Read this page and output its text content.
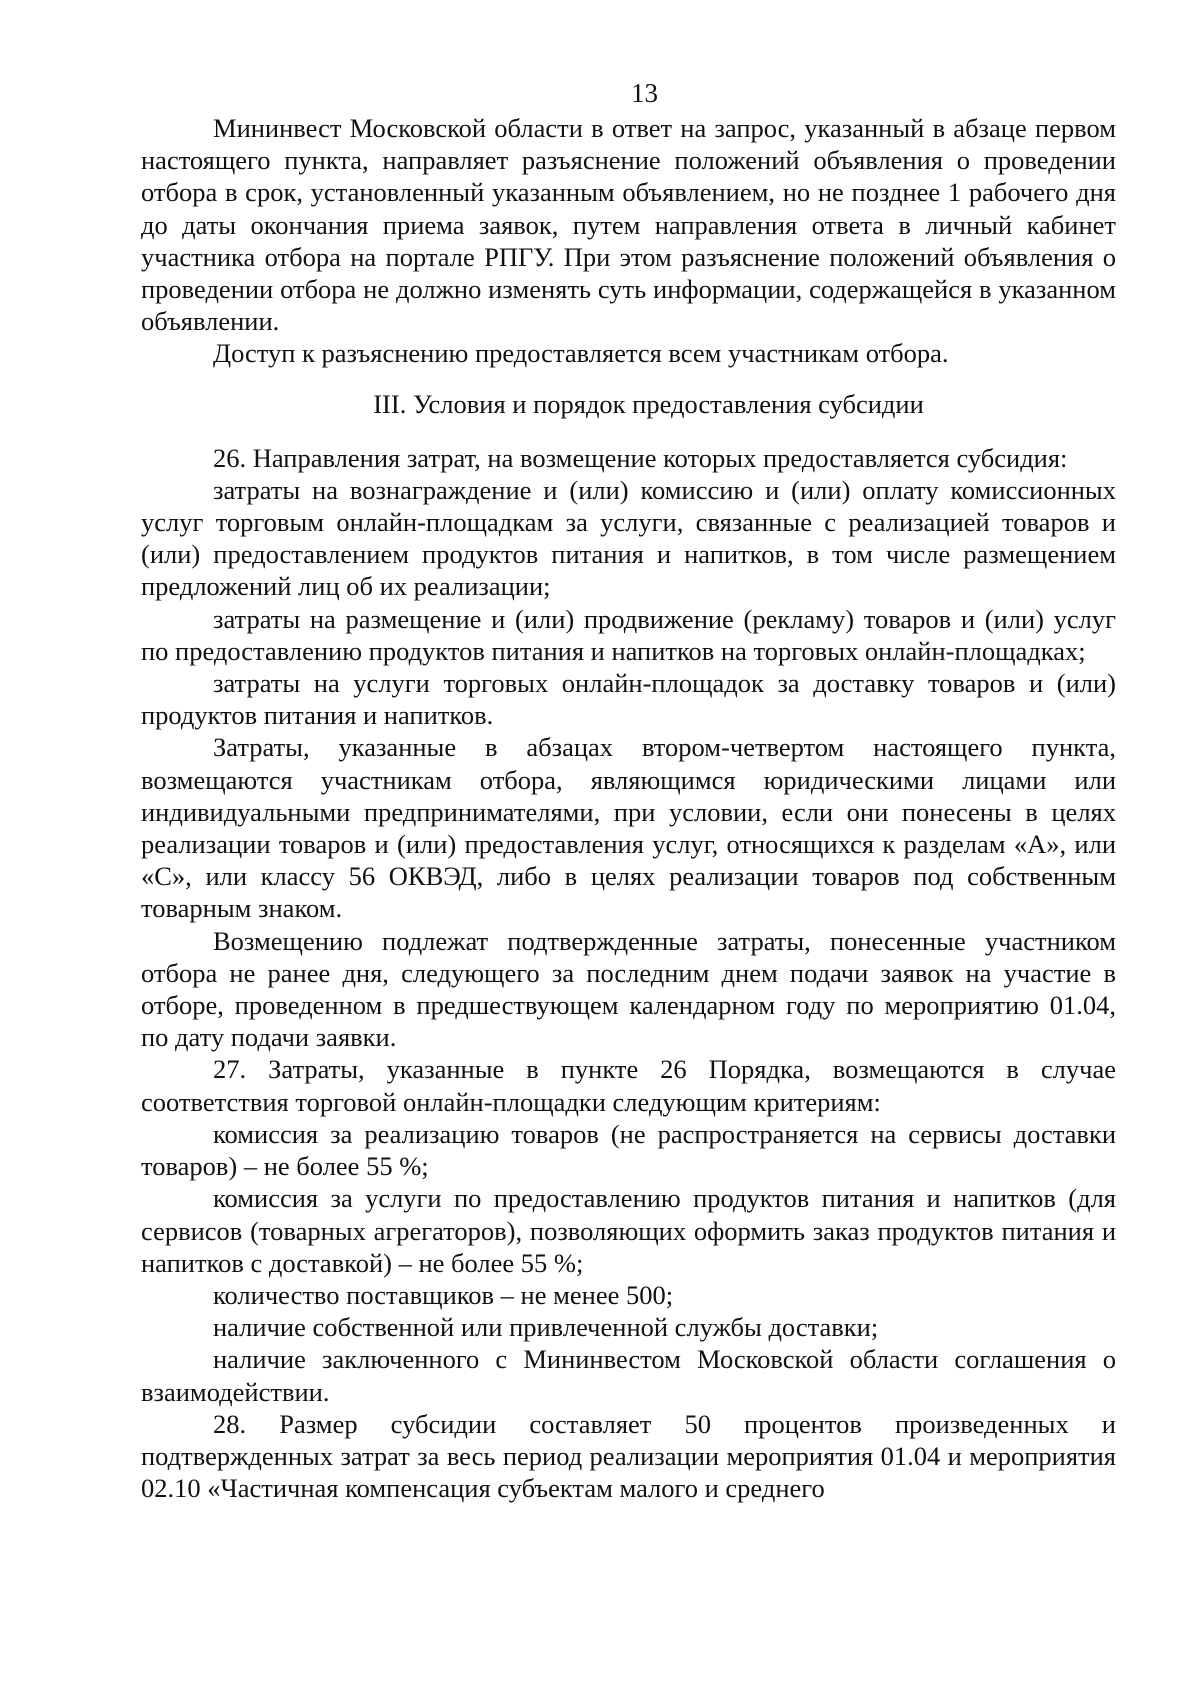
13

Мининвест Московской области в ответ на запрос, указанный в абзаце первом настоящего пункта, направляет разъяснение положений объявления о проведении отбора в срок, установленный указанным объявлением, но не позднее 1 рабочего дня до даты окончания приема заявок, путем направления ответа в личный кабинет участника отбора на портале РПГУ. При этом разъяснение положений объявления о проведении отбора не должно изменять суть информации, содержащейся в указанном объявлении.

Доступ к разъяснению предоставляется всем участникам отбора.

III. Условия и порядок предоставления субсидии

26. Направления затрат, на возмещение которых предоставляется субсидия:

затраты на вознаграждение и (или) комиссию и (или) оплату комиссионных услуг торговым онлайн-площадкам за услуги, связанные с реализацией товаров и (или) предоставлением продуктов питания и напитков, в том числе размещением предложений лиц об их реализации;

затраты на размещение и (или) продвижение (рекламу) товаров и (или) услуг по предоставлению продуктов питания и напитков на торговых онлайн-площадках;

затраты на услуги торговых онлайн-площадок за доставку товаров и (или) продуктов питания и напитков.

Затраты, указанные в абзацах втором-четвертом настоящего пункта, возмещаются участникам отбора, являющимся юридическими лицами или индивидуальными предпринимателями, при условии, если они понесены в целях реализации товаров и (или) предоставления услуг, относящихся к разделам «А», или «С», или классу 56 ОКВЭД, либо в целях реализации товаров под собственным товарным знаком.

Возмещению подлежат подтвержденные затраты, понесенные участником отбора не ранее дня, следующего за последним днем подачи заявок на участие в отборе, проведенном в предшествующем календарном году по мероприятию 01.04, по дату подачи заявки.

27. Затраты, указанные в пункте 26 Порядка, возмещаются в случае соответствия торговой онлайн-площадки следующим критериям:

комиссия за реализацию товаров (не распространяется на сервисы доставки товаров) – не более 55 %;

комиссия за услуги по предоставлению продуктов питания и напитков (для сервисов (товарных агрегаторов), позволяющих оформить заказ продуктов питания и напитков с доставкой) – не более 55 %;

количество поставщиков – не менее 500;

наличие собственной или привлеченной службы доставки;

наличие заключенного с Мининвестом Московской области соглашения о взаимодействии.

28. Размер субсидии составляет 50 процентов произведенных и подтвержденных затрат за весь период реализации мероприятия 01.04 и мероприятия 02.10 «Частичная компенсация субъектам малого и среднего
